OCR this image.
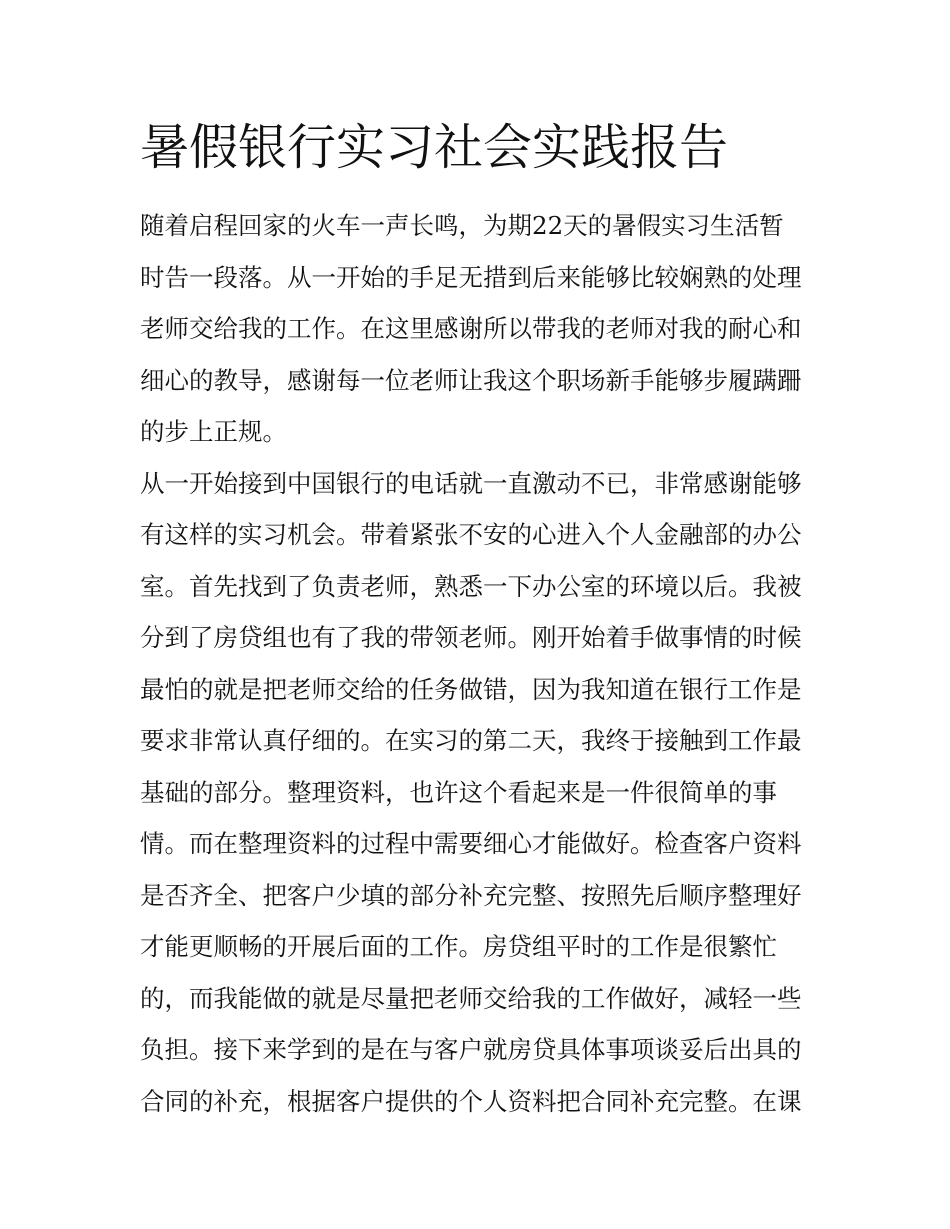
暑假银行实习社会实践报告
随着启程回家的火车一声长鸣，为期22天的暑假实习生活暂
时告一段落。从一开始的手足无措到后来能够比较娴熟的处理
老师交给我的工作。在这里感谢所以带我的老师对我的耐心和
细心的教导，感谢每一位老师让我这个职场新手能够步履蹒跚
的步上正规。
从一开始接到中国银行的电话就一直激动不已，非常感谢能够
有这样的实习机会。带着紧张不安的心进入个人金融部的办公
室。首先找到了负责老师，熟悉一下办公室的环境以后。我被
分到了房贷组也有了我的带领老师。刚开始着手做事情的时候
最怕的就是把老师交给的任务做错，因为我知道在银行工作是
要求非常认真仔细的。在实习的第二天，我终于接触到工作最
基础的部分。整理资料，也许这个看起来是一件很简单的事
情。而在整理资料的过程中需要细心才能做好。检查客户资料
是否齐全、把客户少填的部分补充完整、按照先后顺序整理好
才能更顺畅的开展后面的工作。房贷组平时的工作是很繁忙
的，而我能做的就是尽量把老师交给我的工作做好，减轻一些
负担。接下来学到的是在与客户就房贷具体事项谈妥后出具的
合同的补充，根据客户提供的个人资料把合同补充完整。在课
